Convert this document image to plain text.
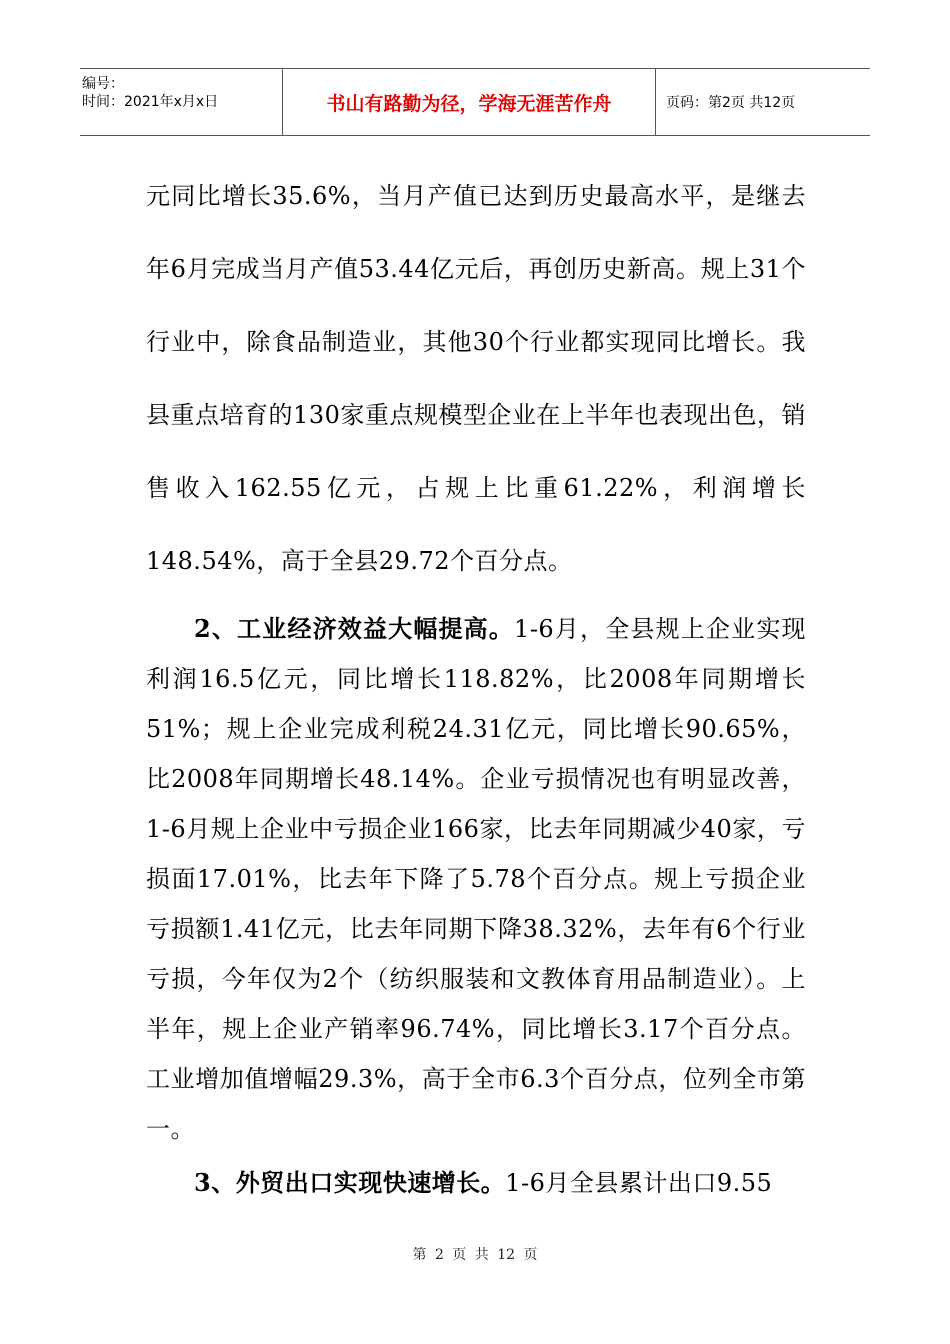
编号：
时间：2021年x月x日	书山有路勤为径，学海无涯苦作舟	页码：第2页 共12页

元同比增长35.6%，当月产值已达到历史最高水平，是继去年6月完成当月产值53.44亿元后，再创历史新高。规上31个行业中，除食品制造业，其他30个行业都实现同比增长。我县重点培育的130家重点规模型企业在上半年也表现出色，销售收入162.55亿元，占规上比重61.22%，利润增长148.54%，高于全县29.72个百分点。

2、工业经济效益大幅提高。1-6月，全县规上企业实现利润16.5亿元，同比增长118.82%，比2008年同期增长51%；规上企业完成利税24.31亿元，同比增长90.65%，比2008年同期增长48.14%。企业亏损情况也有明显改善，1-6月规上企业中亏损企业166家，比去年同期减少40家，亏损面17.01%，比去年下降了5.78个百分点。规上亏损企业亏损额1.41亿元，比去年同期下降38.32%，去年有6个行业亏损，今年仅为2个（纺织服装和文教体育用品制造业）。上半年，规上企业产销率96.74%，同比增长3.17个百分点。工业增加值增幅29.3%，高于全市6.3个百分点，位列全市第一。

3、外贸出口实现快速增长。1-6月全县累计出口9.55

第 2 页 共 12 页
